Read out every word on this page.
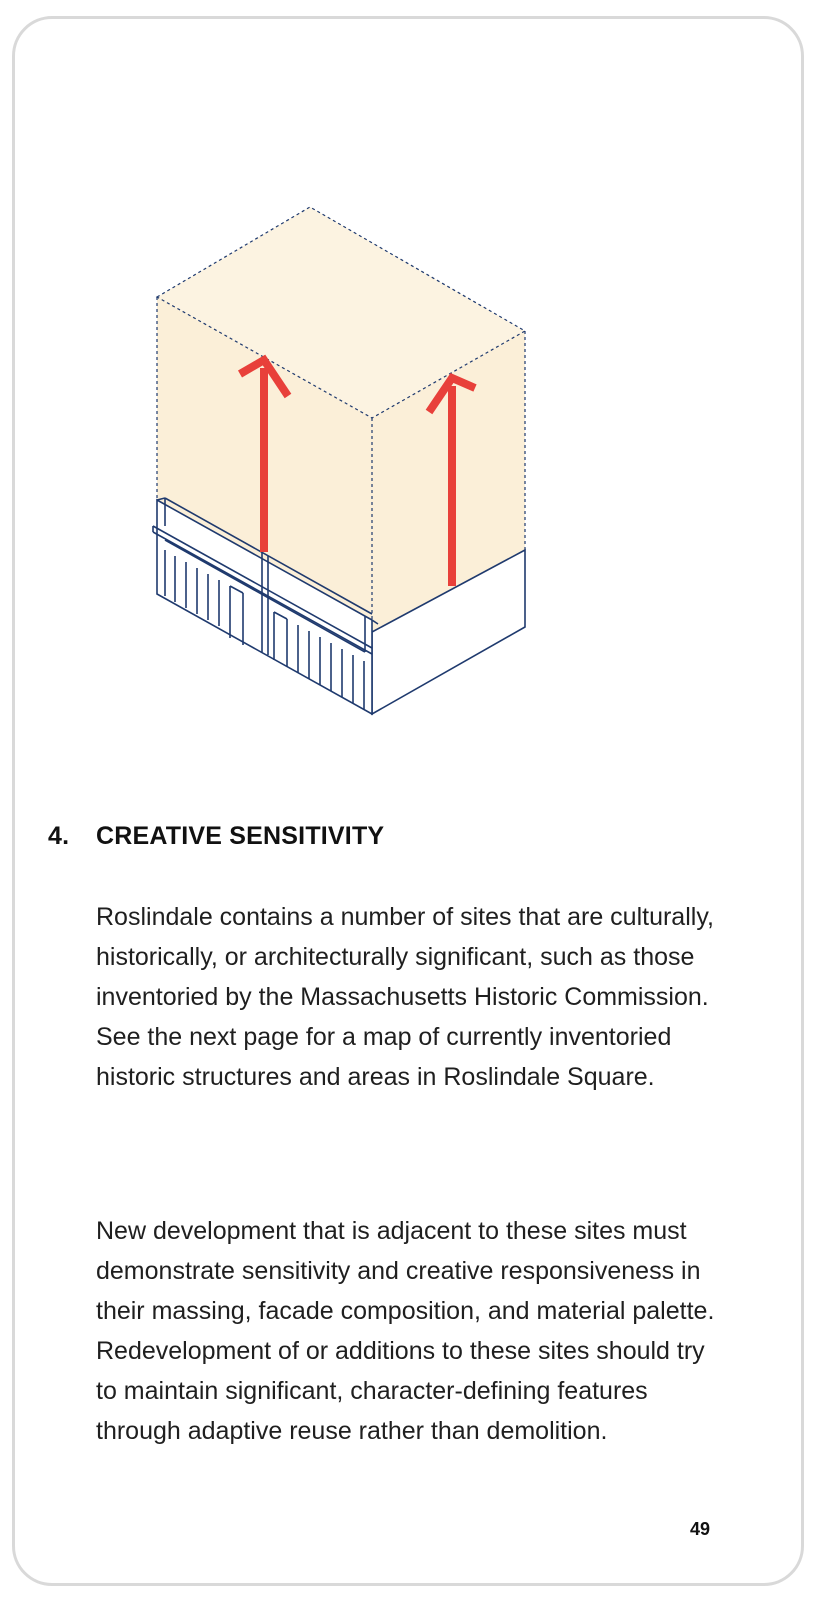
4. CREATIVE SENSITIVITY

Roslindale contains a number of sites that are culturally, historically, or architecturally significant, such as those inventoried by the Massachusetts Historic Commission. See the next page for a map of currently inventoried historic structures and areas in Roslindale Square.

New development that is adjacent to these sites must demonstrate sensitivity and creative responsiveness in their massing, facade composition, and material palette. Redevelopment of or additions to these sites should try to maintain significant, character-defining features through adaptive reuse rather than demolition.

49
